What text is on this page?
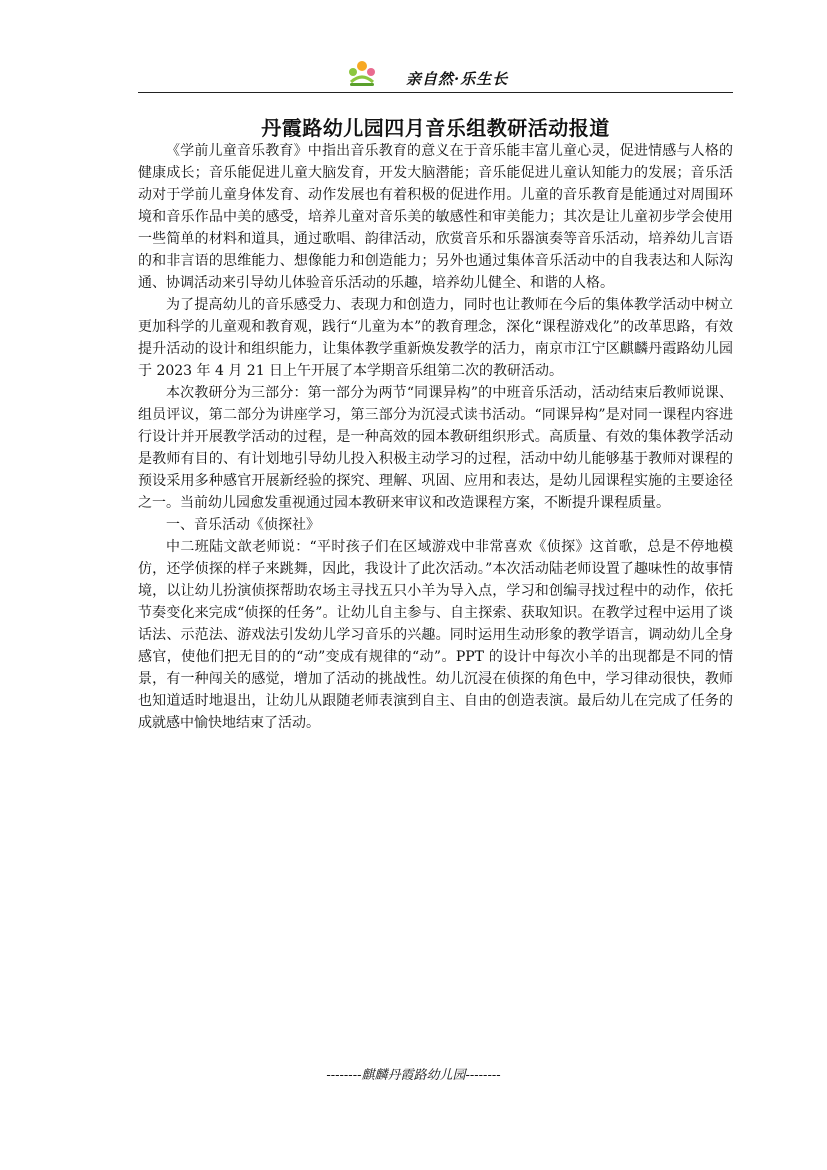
亲自然·乐生长
丹霞路幼儿园四月音乐组教研活动报道

《学前儿童音乐教育》中指出音乐教育的意义在于音乐能丰富儿童心灵，促进情感与人格的健康成长；音乐能促进儿童大脑发育，开发大脑潜能；音乐能促进儿童认知能力的发展；音乐活动对于学前儿童身体发育、动作发展也有着积极的促进作用。儿童的音乐教育是能通过对周围环境和音乐作品中美的感受，培养儿童对音乐美的敏感性和审美能力；其次是让儿童初步学会使用一些简单的材料和道具，通过歌唱、韵律活动，欣赏音乐和乐器演奏等音乐活动，培养幼儿言语的和非言语的思维能力、想像能力和创造能力；另外也通过集体音乐活动中的自我表达和人际沟通、协调活动来引导幼儿体验音乐活动的乐趣，培养幼儿健全、和谐的人格。

为了提高幼儿的音乐感受力、表现力和创造力，同时也让教师在今后的集体教学活动中树立更加科学的儿童观和教育观，践行“儿童为本”的教育理念，深化“课程游戏化”的改革思路，有效提升活动的设计和组织能力，让集体教学重新焕发教学的活力，南京市江宁区麒麟丹霞路幼儿园于 2023 年 4 月 21 日上午开展了本学期音乐组第二次的教研活动。

本次教研分为三部分：第一部分为两节“同课异构”的中班音乐活动，活动结束后教师说课、组员评议，第二部分为讲座学习，第三部分为沉浸式读书活动。“同课异构”是对同一课程内容进行设计并开展教学活动的过程，是一种高效的园本教研组织形式。高质量、有效的集体教学活动是教师有目的、有计划地引导幼儿投入积极主动学习的过程，活动中幼儿能够基于教师对课程的预设采用多种感官开展新经验的探究、理解、巩固、应用和表达，是幼儿园课程实施的主要途径之一。当前幼儿园愈发重视通过园本教研来审议和改造课程方案，不断提升课程质量。

一、音乐活动《侦探社》

中二班陆文歆老师说：“平时孩子们在区域游戏中非常喜欢《侦探》这首歌，总是不停地模仿，还学侦探的样子来跳舞，因此，我设计了此次活动。”本次活动陆老师设置了趣味性的故事情境，以让幼儿扮演侦探帮助农场主寻找五只小羊为导入点，学习和创编寻找过程中的动作，依托节奏变化来完成“侦探的任务”。让幼儿自主参与、自主探索、获取知识。在教学过程中运用了谈话法、示范法、游戏法引发幼儿学习音乐的兴趣。同时运用生动形象的教学语言，调动幼儿全身感官，使他们把无目的的“动”变成有规律的“动”。PPT 的设计中每次小羊的出现都是不同的情景，有一种闯关的感觉，增加了活动的挑战性。幼儿沉浸在侦探的角色中，学习律动很快，教师也知道适时地退出，让幼儿从跟随老师表演到自主、自由的创造表演。最后幼儿在完成了任务的成就感中愉快地结束了活动。

--------麒麟丹霞路幼儿园--------
